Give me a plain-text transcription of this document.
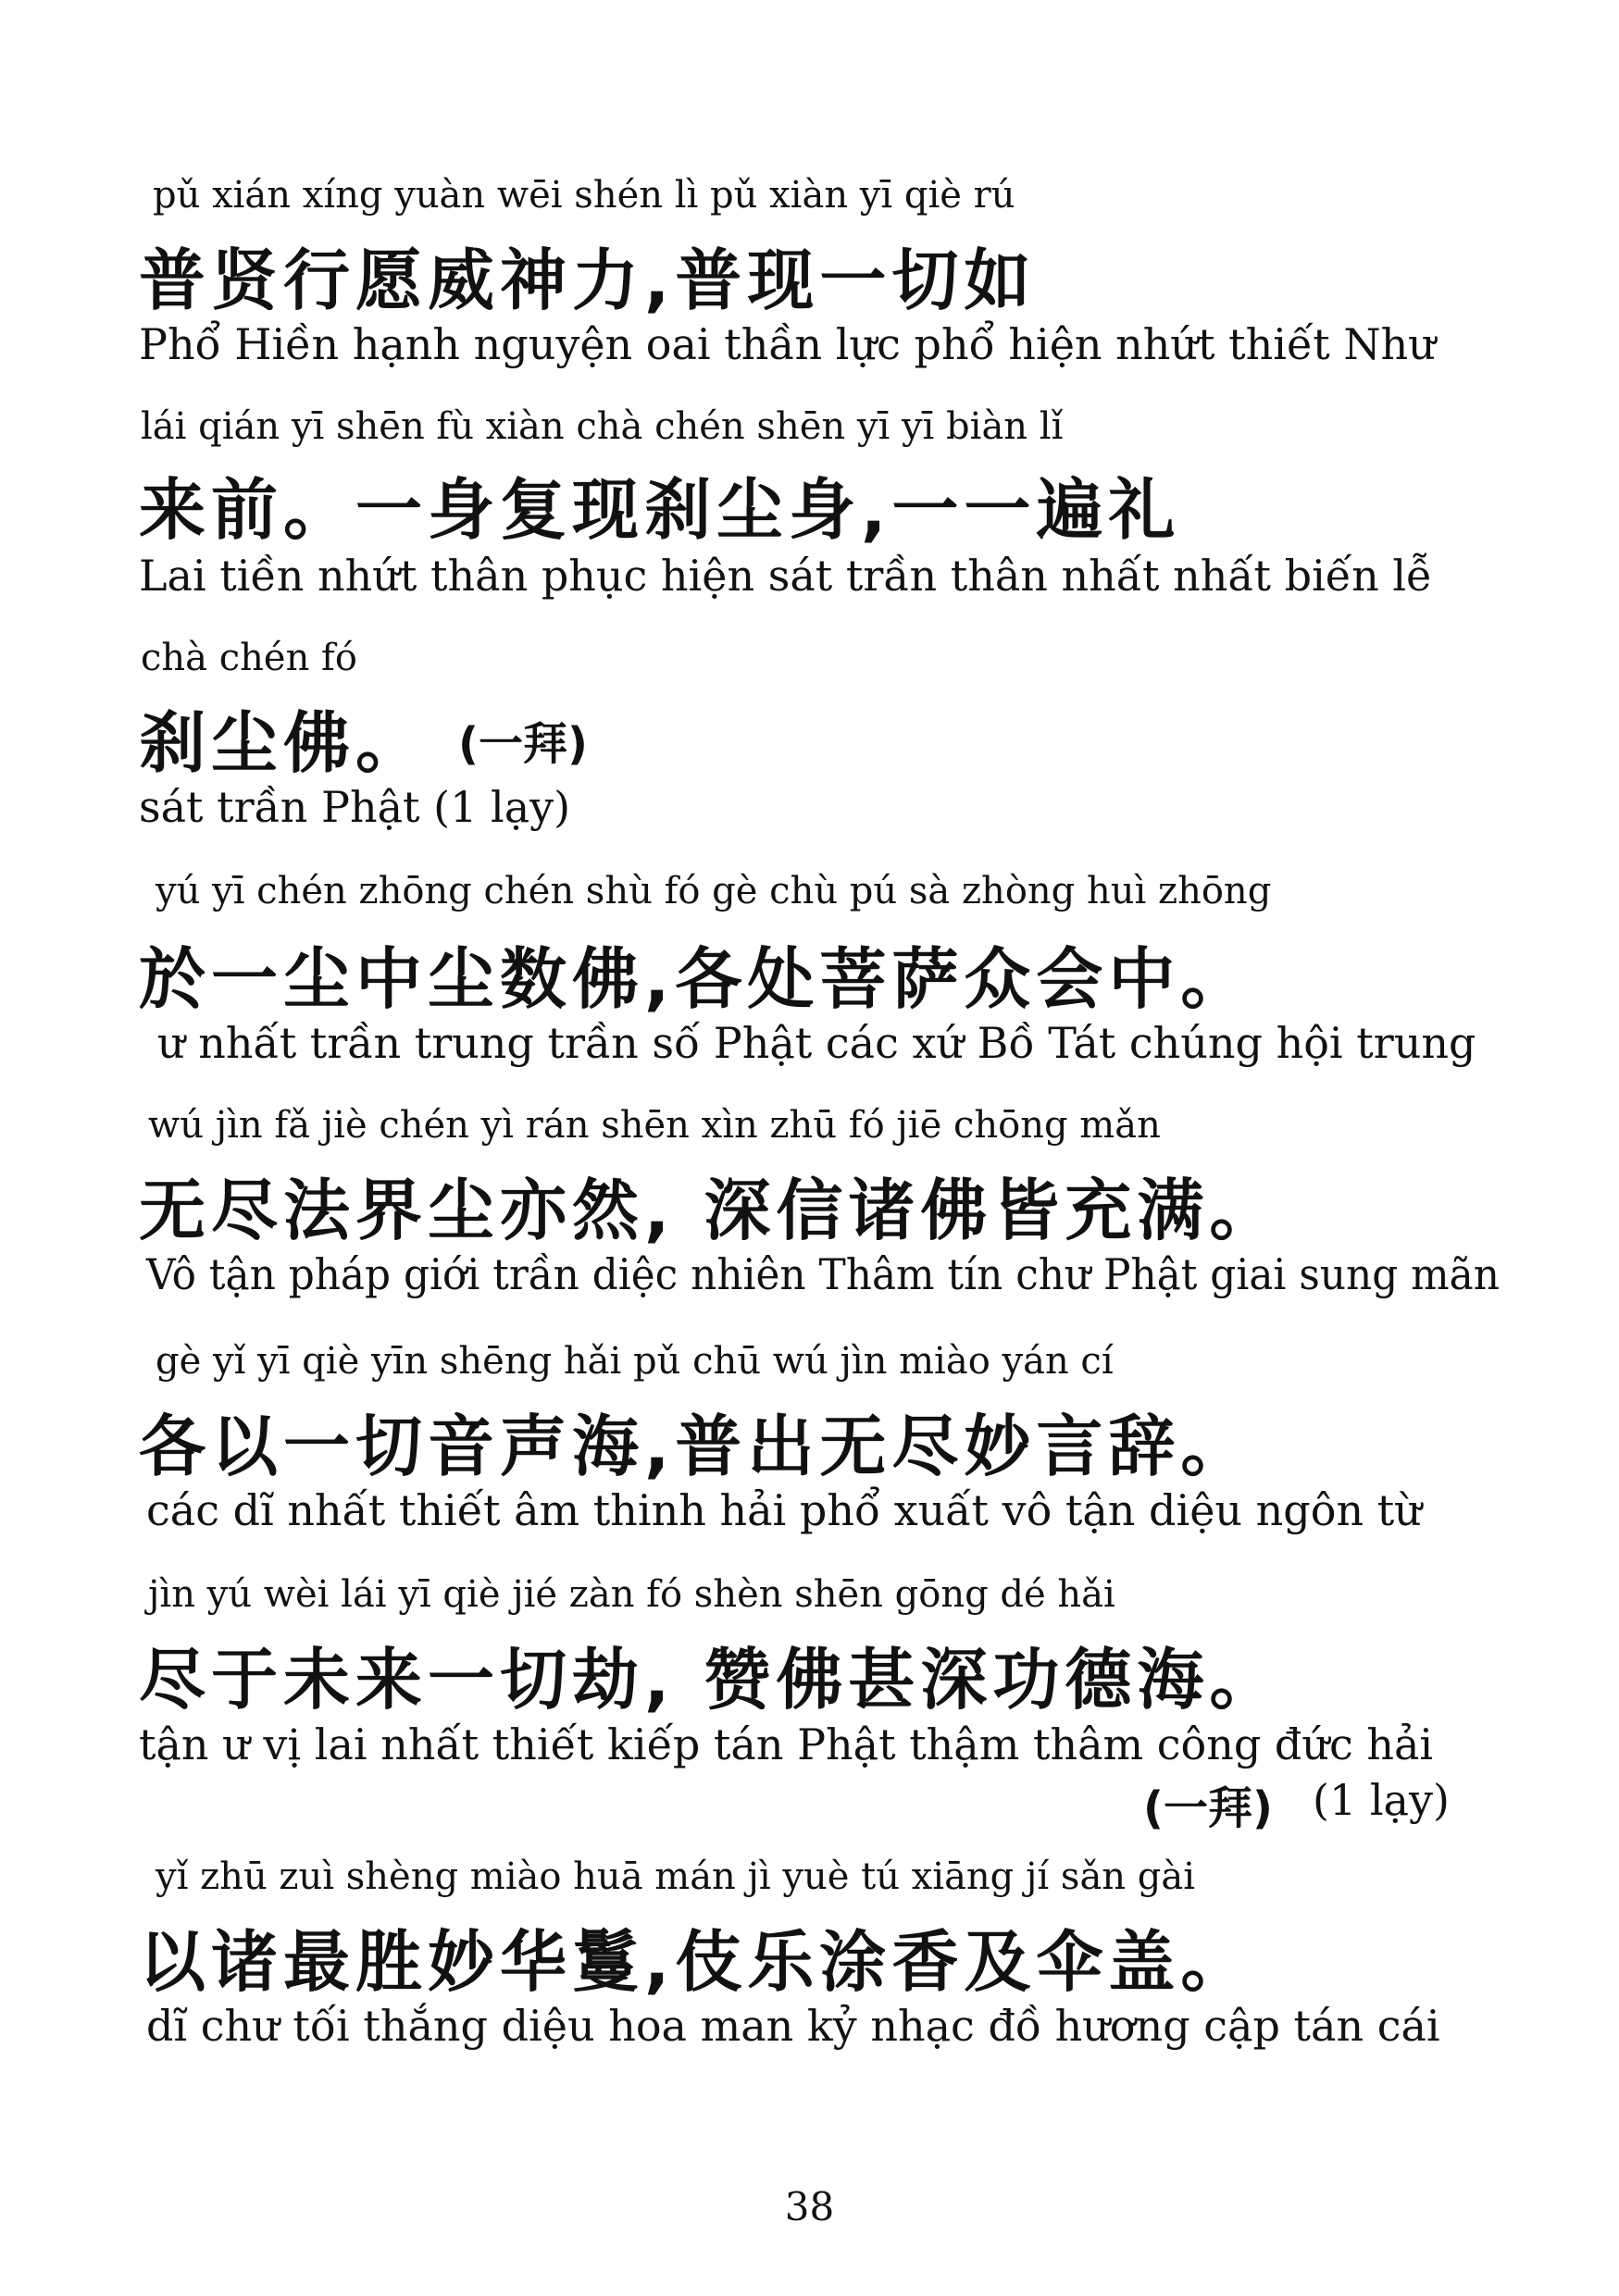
pǔ xián xíng yuàn wēi shén lì pǔ xiàn yī qiè rú
普贤行愿威神力,普现一切如
Phổ Hiền hạnh nguyện oai thần lực phổ hiện nhứt thiết Như
lái qián yī shēn fù xiàn chà chén shēn yī yī biàn lǐ
来前。一身复现刹尘身,一一遍礼
Lai tiền nhứt thân phục hiện sát trần thân nhất nhất biến lễ
chà chén fó
刹尘佛。 (一拜)
sát trần Phật (1 lạy)
yú yī chén zhōng chén shù fó gè chù pú sà zhòng huì zhōng
於一尘中尘数佛,各处菩萨众会中。
ư nhất trần trung trần số Phật các xứ Bồ Tát chúng hội trung
wú jìn fǎ jiè chén yì rán shēn xìn zhū fó jiē chōng mǎn
无尽法界尘亦然, 深信诸佛皆充满。
Vô tận pháp giới trần diệc nhiên Thâm tín chư Phật giai sung mãn
gè yǐ yī qiè yīn shēng hǎi pǔ chū wú jìn miào yán cí
各以一切音声海,普出无尽妙言辞。
các dĩ nhất thiết âm thinh hải phổ xuất vô tận diệu ngôn từ
jìn yú wèi lái yī qiè jié zàn fó shèn shēn gōng dé hǎi
尽于未来一切劫, 赞佛甚深功德海。
tận ư vị lai nhất thiết kiếp tán Phật thậm thâm công đức hải
(一拜) (1 lạy)
yǐ zhū zuì shèng miào huā mán jì yuè tú xiāng jí sǎn gài
以诸最胜妙华鬘,伎乐涂香及伞盖。
dĩ chư tối thắng diệu hoa man kỷ nhạc đồ hương cập tán cái
38
